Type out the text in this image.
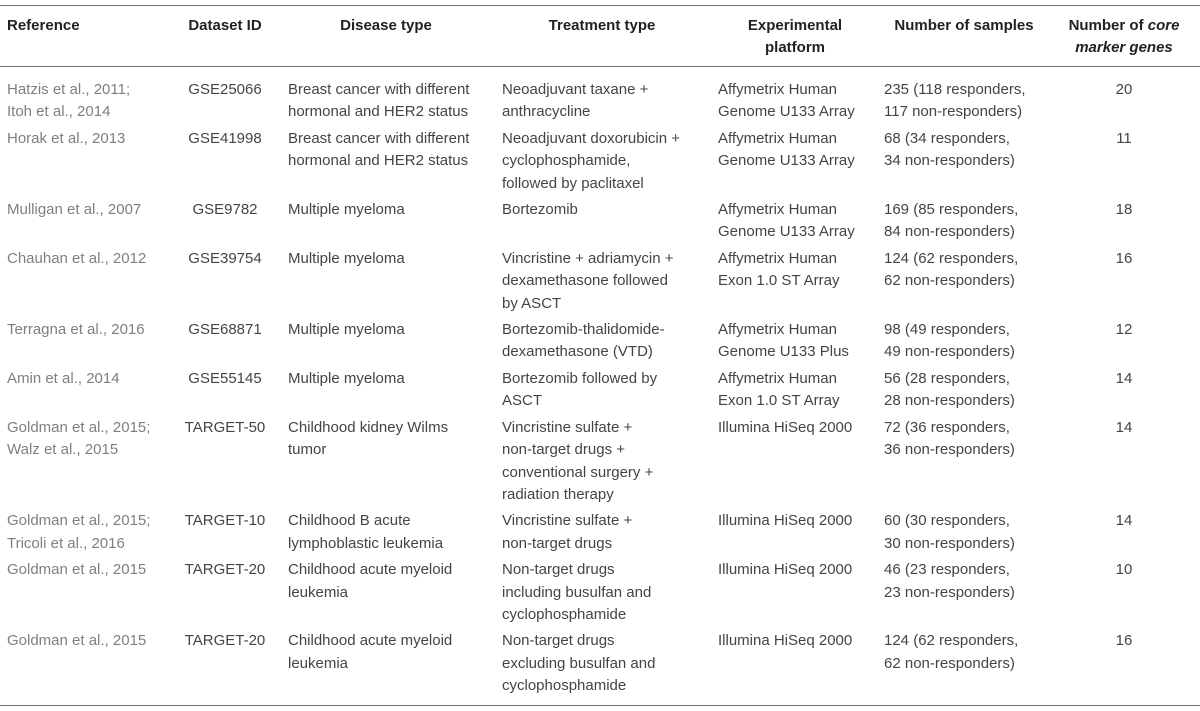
Reference	Dataset ID	Disease type	Treatment type	Experimental
platform	Number of samples	Number of core
marker genes
Hatzis et al., 2011;
Itoh et al., 2014	GSE25066	Breast cancer with different
hormonal and HER2 status	Neoadjuvant taxane +
anthracycline	Affymetrix Human
Genome U133 Array	235 (118 responders,
117 non-responders)	20
Horak et al., 2013	GSE41998	Breast cancer with different
hormonal and HER2 status	Neoadjuvant doxorubicin +
cyclophosphamide,
followed by paclitaxel	Affymetrix Human
Genome U133 Array	68 (34 responders,
34 non-responders)	11
Mulligan et al., 2007	GSE9782	Multiple myeloma	Bortezomib	Affymetrix Human
Genome U133 Array	169 (85 responders,
84 non-responders)	18
Chauhan et al., 2012	GSE39754	Multiple myeloma	Vincristine + adriamycin +
dexamethasone followed
by ASCT	Affymetrix Human
Exon 1.0 ST Array	124 (62 responders,
62 non-responders)	16
Terragna et al., 2016	GSE68871	Multiple myeloma	Bortezomib-thalidomide-
dexamethasone (VTD)	Affymetrix Human
Genome U133 Plus	98 (49 responders,
49 non-responders)	12
Amin et al., 2014	GSE55145	Multiple myeloma	Bortezomib followed by
ASCT	Affymetrix Human
Exon 1.0 ST Array	56 (28 responders,
28 non-responders)	14
Goldman et al., 2015;
Walz et al., 2015	TARGET-50	Childhood kidney Wilms
tumor	Vincristine sulfate +
non-target drugs +
conventional surgery +
radiation therapy	Illumina HiSeq 2000	72 (36 responders,
36 non-responders)	14
Goldman et al., 2015;
Tricoli et al., 2016	TARGET-10	Childhood B acute
lymphoblastic leukemia	Vincristine sulfate +
non-target drugs	Illumina HiSeq 2000	60 (30 responders,
30 non-responders)	14
Goldman et al., 2015	TARGET-20	Childhood acute myeloid
leukemia	Non-target drugs
including busulfan and
cyclophosphamide	Illumina HiSeq 2000	46 (23 responders,
23 non-responders)	10
Goldman et al., 2015	TARGET-20	Childhood acute myeloid
leukemia	Non-target drugs
excluding busulfan and
cyclophosphamide	Illumina HiSeq 2000	124 (62 responders,
62 non-responders)	16
